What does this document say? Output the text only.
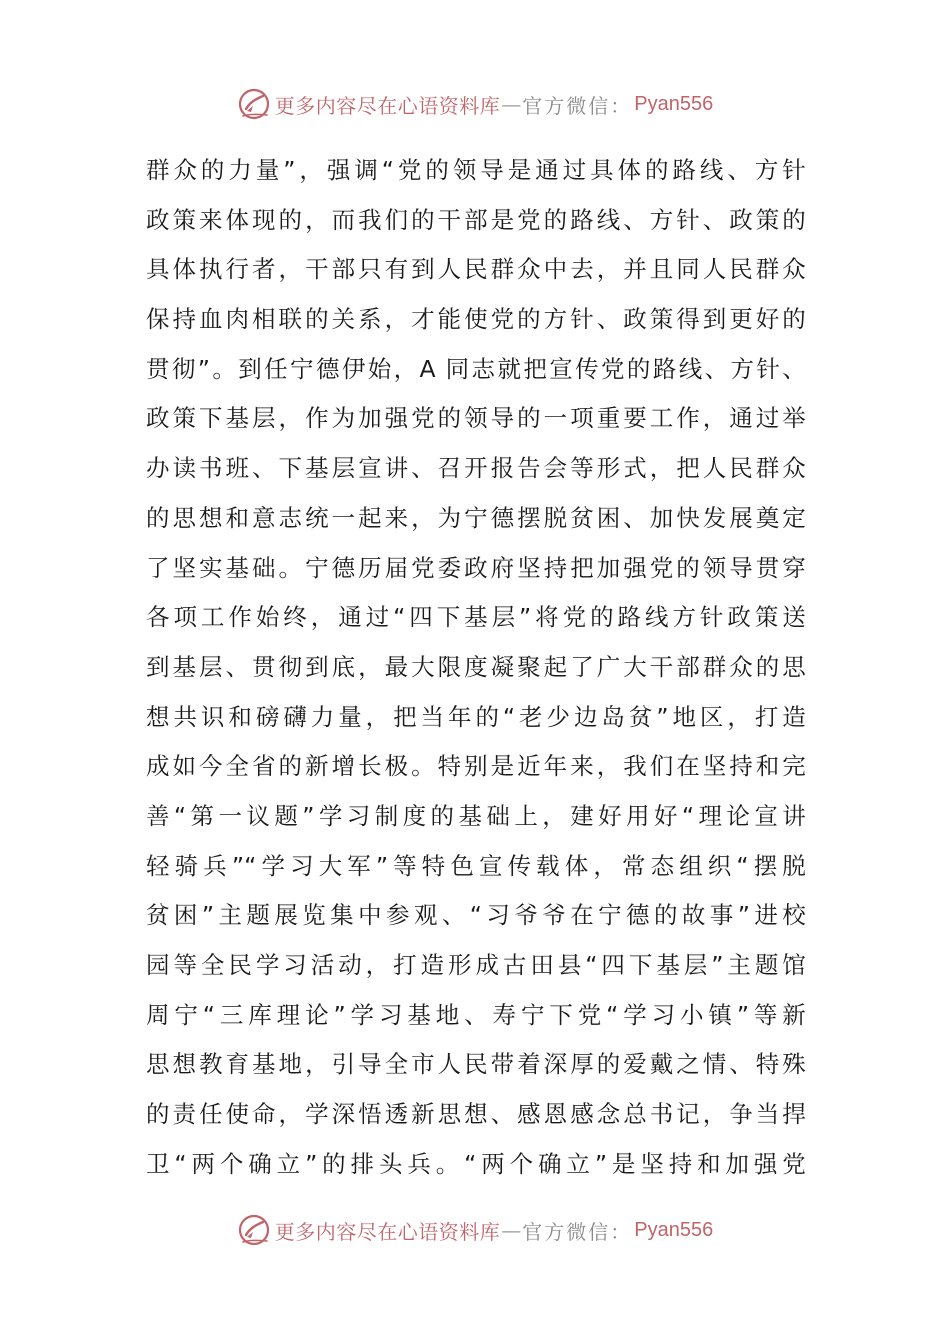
更多内容尽在心语资料库 — 官方微信： Pyan556
群众的力量”，强调“党的领导是通过具体的路线、方针
政策来体现的，而我们的干部是党的路线、方针、政策的
具体执行者，干部只有到人民群众中去，并且同人民群众
保持血肉相联的关系，才能使党的方针、政策得到更好的
贯彻”。到任宁德伊始，A 同志就把宣传党的路线、方针、
政策下基层，作为加强党的领导的一项重要工作，通过举
办读书班、下基层宣讲、召开报告会等形式，把人民群众
的思想和意志统一起来，为宁德摆脱贫困、加快发展奠定
了坚实基础。宁德历届党委政府坚持把加强党的领导贯穿
各项工作始终，通过“四下基层”将党的路线方针政策送
到基层、贯彻到底，最大限度凝聚起了广大干部群众的思
想共识和磅礴力量，把当年的“老少边岛贫”地区，打造
成如今全省的新增长极。特别是近年来，我们在坚持和完
善“第一议题”学习制度的基础上，建好用好“理论宣讲
轻骑兵”“学习大军”等特色宣传载体，常态组织“摆脱
贫困”主题展览集中参观、“习爷爷在宁德的故事”进校
园等全民学习活动，打造形成古田县“四下基层”主题馆
周宁“三库理论”学习基地、寿宁下党“学习小镇”等新
思想教育基地，引导全市人民带着深厚的爱戴之情、特殊
的责任使命，学深悟透新思想、感恩感念总书记，争当捍
卫“两个确立”的排头兵。“两个确立”是坚持和加强党
更多内容尽在心语资料库 — 官方微信： Pyan556
